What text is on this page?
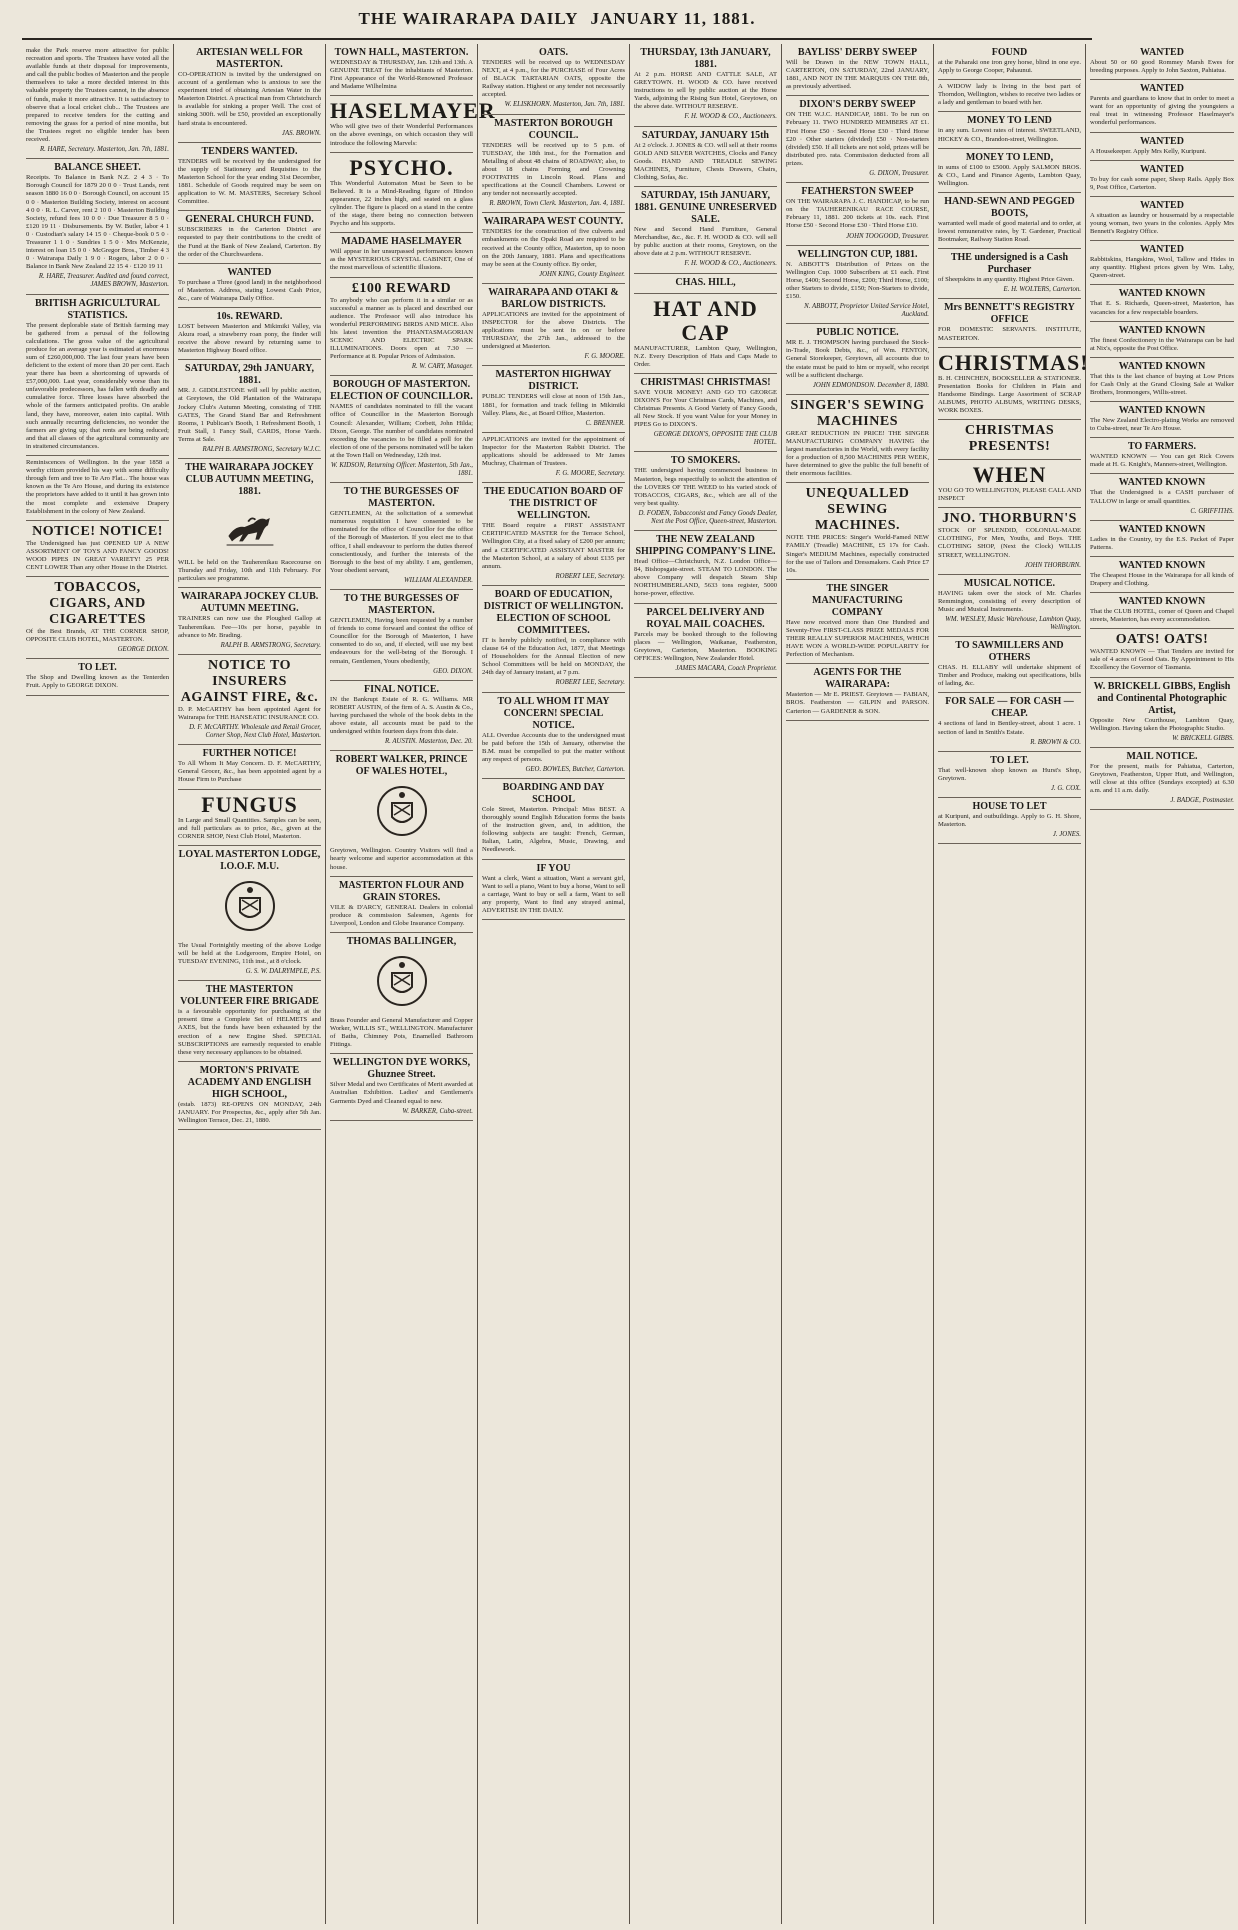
THE WAIRARAPA DAILY JANUARY 11, 1881.
make the Park reserve more attractive for public recreation and sports. The Trustees have voted all the available funds at their disposal for improvements, and call the public bodies of Masterton and the people themselves to take a more decided interest in this valuable property the Trustees cannot, in the absence of funds, make it more attractive. It is satisfactory to observe that a local cricket club... The Trustees are prepared to receive tenders for the cutting and removing the grass for a period of nine months, but the Trustees regret no eligible tender has been received.
R. HARE, Secretary. Masterton, Jan. 7th, 1881.
BALANCE SHEET.
Receipts. To Balance in Bank N.Z. 2 4 3 · To Borough Council for 1879 20 0 0 · Trust Lands, rent season 1880 16 0 0 · Borough Council, on account 15 0 0 · Masterton Building Society, interest on account 4 0 0 · R. L. Carver, rent 2 10 0 · Masterton Building Society, refund fees 10 0 0 · Due Treasurer 8 5 0 · £120 19 11 · Disbursements. By W. Butler, labor 4 1 0 · Custodian's salary 14 15 0 · Cheque-book 0 5 0 · Treasurer 1 1 0 · Sundries 1 5 0 · Mrs McKenzie, interest on loan 15 0 0 · McGregor Bros., Timber 4 3 0 · Wairarapa Daily 1 9 0 · Rogers, labor 2 0 0 · Balance in Bank New Zealand 22 15 4 · £120 19 11
R. HARE, Treasurer. Audited and found correct, JAMES BROWN, Masterton.
BRITISH AGRICULTURAL STATISTICS.
The present deplorable state of British farming may be gathered from a perusal of the following calculations. The gross value of the agricultural produce for an average year is estimated at enormous sum of £260,000,000. The last four years have been deficient to the extent of more than 20 per cent. Each year there has been a shortcoming of upwards of £57,000,000. Last year, considerably worse than its unfavorable predecessors, has fallen with deadly and cumulative force. Three losses have absorbed the whole of the farmers anticipated profits. On arable land, they have, moreover, eaten into capital. With such annually recurring deficiencies, no wonder the farmers are giving up; that rents are being reduced; and that all classes of the agricultural community are in straitened circumstances.
Reminiscences of Wellington. In the year 1858 a worthy citizen provided his way with some difficulty through fern and tree to Te Aro Flat... The house was known as the Te Aro House, and during its existence the proprietors have added to it until it has grown into the most complete and extensive Drapery Establishment in the colony of New Zealand.
NOTICE! NOTICE!
The Undersigned has just OPENED UP A NEW ASSORTMENT OF TOYS AND FANCY GOODS! WOOD PIPES IN GREAT VARIETY! 25 PER CENT LOWER Than any other House in the District.
TOBACCOS, CIGARS, AND CIGARETTES
Of the Best Brands, AT THE CORNER SHOP, OPPOSITE CLUB HOTEL, MASTERTON.
GEORGE DIXON.
TO LET.
The Shop and Dwelling known as the Tenterden Fruit. Apply to GEORGE DIXON.
ARTESIAN WELL FOR MASTERTON.
CO-OPERATION is invited by the undersigned on account of a gentleman who is anxious to see the experiment tried of obtaining Artesian Water in the Masterton District. A practical man from Christchurch is available for sinking a proper Well. The cost of sinking 300ft. will be £50, provided an exceptionally hard strata is encountered.
JAS. BROWN.
TENDERS WANTED.
TENDERS will be received by the undersigned for the supply of Stationery and Requisites to the Masterton School for the year ending 31st December, 1881. Schedule of Goods required may be seen on application to W. M. MASTERS, Secretary School Committee.
GENERAL CHURCH FUND.
SUBSCRIBERS in the Carterton District are requested to pay their contributions to the credit of the Fund at the Bank of New Zealand, Carterton. By the order of the Churchwardens.
WANTED
To purchase a Three (good land) in the neighborhood of Masterton. Address, stating Lowest Cash Price, &c., care of Wairarapa Daily Office.
10s. REWARD.
LOST between Masterton and Mikimiki Valley, via Akura road, a strawberry roan pony, the finder will receive the above reward by returning same to Masterton Highway Board office.
SATURDAY, 29th JANUARY, 1881.
MR. J. GIDDLESTONE will sell by public auction, at Greytown, the Old Plantation of the Wairarapa Jockey Club's Autumn Meeting, consisting of THE GATES, The Grand Stand Bar and Refreshment Rooms, 1 Publican's Booth, 1 Refreshment Booth, 1 Fruit Stall, 1 Fancy Stall, CARDS, Horse Yards. Terms at Sale.
RALPH B. ARMSTRONG, Secretary W.J.C.
THE WAIRARAPA JOCKEY CLUB AUTUMN MEETING, 1881.
WILL be held on the Tauherenikau Racecourse on Thursday and Friday, 10th and 11th February. For particulars see programme.
WAIRARAPA JOCKEY CLUB. AUTUMN MEETING.
TRAINERS can now use the Ploughed Gallop at Tauherenikau. Fee—10s per horse, payable in advance to Mr. Brading.
RALPH B. ARMSTRONG, Secretary.
NOTICE TO INSURERS AGAINST FIRE, &c.
D. P. McCARTHY has been appointed Agent for Wairarapa for THE HANSEATIC INSURANCE CO.
D. F. McCARTHY. Wholesale and Retail Grocer, Corner Shop, Next Club Hotel, Masterton.
FURTHER NOTICE!
To All Whom It May Concern. D. F. McCARTHY, General Grocer, &c., has been appointed agent by a House Firm to Purchase
FUNGUS
In Large and Small Quantities. Samples can be seen, and full particulars as to price, &c., given at the CORNER SHOP, Next Club Hotel, Masterton.
LOYAL MASTERTON LODGE, I.O.O.F. M.U.
The Usual Fortnightly meeting of the above Lodge will be held at the Lodgeroom, Empire Hotel, on TUESDAY EVENING, 11th inst., at 8 o'clock.
G. S. W. DALRYMPLE, P.S.
THE MASTERTON VOLUNTEER FIRE BRIGADE
is a favourable opportunity for purchasing at the present time a Complete Set of HELMETS and AXES, but the funds have been exhausted by the erection of a new Engine Shed. SPECIAL SUBSCRIPTIONS are earnestly requested to enable these very necessary appliances to be obtained.
MORTON'S PRIVATE ACADEMY AND ENGLISH HIGH SCHOOL,
(estab. 1873) RE-OPENS ON MONDAY, 24th JANUARY. For Prospectus, &c., apply after 5th Jan. Wellington Terrace, Dec. 21, 1880.
TOWN HALL, MASTERTON.
WEDNESDAY & THURSDAY, Jan. 12th and 13th. A GENUINE TREAT for the inhabitants of Masterton. First Appearance of the World-Renowned Professor and Madame Wilhelmina
HASELMAYER
Who will give two of their Wonderful Performances on the above evenings, on which occasion they will introduce the following Marvels:
PSYCHO.
This Wonderful Automaton Must be Seen to be Believed. It is a Mind-Reading figure of Hindoo appearance, 22 inches high, and seated on a glass cylinder. The figure is placed on a stand in the centre of the stage, there being no connection between Psycho and his supports.
MADAME HASELMAYER
Will appear in her unsurpassed performances known as the MYSTERIOUS CRYSTAL CABINET, One of the most marvellous of scientific illusions.
£100 REWARD
To anybody who can perform it in a similar or as successful a manner as is placed and described our audience. The Professor will also introduce his wonderful PERFORMING BIRDS AND MICE. Also his latest invention the PHANTASMAGORIAN SCENIC AND ELECTRIC SPARK ILLUMINATIONS. Doors open at 7.30 — Performance at 8. Popular Prices of Admission.
R. W. CARY, Manager.
BOROUGH OF MASTERTON. ELECTION OF COUNCILLOR.
NAMES of candidates nominated to fill the vacant office of Councillor in the Masterton Borough Council: Alexander, William; Corbett, John Hilda; Dixon, George. The number of candidates nominated exceeding the vacancies to be filled a poll for the election of one of the persons nominated will be taken at the Town Hall on Wednesday, 12th inst.
W. KIDSON, Returning Officer. Masterton, 5th Jan., 1881.
TO THE BURGESSES OF MASTERTON.
GENTLEMEN, At the solicitation of a somewhat numerous requisition I have consented to be nominated for the office of Councillor for the office of the Borough of Masterton. If you elect me to that office, I shall endeavour to perform the duties thereof conscientiously, and further the interests of the Borough to the best of my ability. I am, gentlemen, Your obedient servant,
WILLIAM ALEXANDER.
TO THE BURGESSES OF MASTERTON.
GENTLEMEN, Having been requested by a number of friends to come forward and contest the office of Councillor for the Borough of Masterton, I have consented to do so, and, if elected, will use my best endeavours for the well-being of the Borough. I remain, Gentlemen, Yours obediently,
GEO. DIXON.
FINAL NOTICE.
IN the Bankrupt Estate of R. G. Williams. MR ROBERT AUSTIN, of the firm of A. S. Austin & Co., having purchased the whole of the book debts in the above estate, all accounts must be paid to the undersigned within fourteen days from this date.
R. AUSTIN. Masterton, Dec. 20.
ROBERT WALKER, PRINCE OF WALES HOTEL,
Greytown, Wellington. Country Visitors will find a hearty welcome and superior accommodation at this house.
MASTERTON FLOUR AND GRAIN STORES.
VILE & D'ARCY, GENERAL Dealers in colonial produce & commission Salesmen, Agents for Liverpool, London and Globe Insurance Company.
THOMAS BALLINGER,
Brass Founder and General Manufacturer and Copper Worker, WILLIS ST., WELLINGTON. Manufacturer of Baths, Chimney Pots, Enamelled Bathroom Fittings.
WELLINGTON DYE WORKS, Ghuznee Street.
Silver Medal and two Certificates of Merit awarded at Australian Exhibition. Ladies' and Gentlemen's Garments Dyed and Cleaned equal to new.
W. BARKER, Cuba-street.
OATS.
TENDERS will be received up to WEDNESDAY NEXT, at 4 p.m., for the PURCHASE of Four Acres of BLACK TARTARIAN OATS, opposite the Railway station. Highest or any tender not necessarily accepted.
W. ELISKHORN. Masterton, Jan. 7th, 1881.
MASTERTON BOROUGH COUNCIL.
TENDERS will be received up to 5 p.m. of TUESDAY, the 18th inst., for the Formation and Metalling of about 48 chains of ROADWAY; also, to about 18 chains Forming and Crowning FOOTPATHS in Lincoln Road. Plans and specifications at the Council Chambers. Lowest or any tender not necessarily accepted.
R. BROWN, Town Clerk. Masterton, Jan. 4, 1881.
WAIRARAPA WEST COUNTY.
TENDERS for the construction of five culverts and embankments on the Opaki Road are required to be received at the County office, Masterton, up to noon on the 20th January, 1881. Plans and specifications may be seen at the County office. By order,
JOHN KING, County Engineer.
WAIRARAPA AND OTAKI & BARLOW DISTRICTS.
APPLICATIONS are invited for the appointment of INSPECTOR for the above Districts. The applications must be sent in on or before THURSDAY, the 27th Jan., addressed to the undersigned at Masterton.
F. G. MOORE.
MASTERTON HIGHWAY DISTRICT.
PUBLIC TENDERS will close at noon of 15th Jan., 1881, for formation and track felling in Mikimiki Valley. Plans, &c., at Board Office, Masterton.
C. BRENNER.
APPLICATIONS are invited for the appointment of Inspector for the Masterton Rabbit District. The applications should be addressed to Mr James Muchray, Chairman of Trustees.
F. G. MOORE, Secretary.
THE EDUCATION BOARD OF THE DISTRICT OF WELLINGTON.
THE Board require a FIRST ASSISTANT CERTIFICATED MASTER for the Terrace School, Wellington City, at a fixed salary of £200 per annum; and a CERTIFICATED ASSISTANT MASTER for the Masterton School, at a salary of about £135 per annum.
ROBERT LEE, Secretary.
BOARD OF EDUCATION, DISTRICT OF WELLINGTON. ELECTION OF SCHOOL COMMITTEES.
IT is hereby publicly notified, in compliance with clause 64 of the Education Act, 1877, that Meetings of Householders for the Annual Election of new School Committees will be held on MONDAY, the 24th day of January instant, at 7 p.m.
ROBERT LEE, Secretary.
TO ALL WHOM IT MAY CONCERN! SPECIAL NOTICE.
ALL Overdue Accounts due to the undersigned must be paid before the 15th of January, otherwise the B.M. must be compelled to put the matter without any respect of persons.
GEO. BOWLES, Butcher, Carterton.
BOARDING AND DAY SCHOOL
Cole Street, Masterton. Principal: Miss BEST. A thoroughly sound English Education forms the basis of the instruction given, and, in addition, the following subjects are taught: French, German, Italian, Latin, Algebra, Music, Drawing, and Needlework.
IF YOU
Want a clerk, Want a situation, Want a servant girl, Want to sell a piano, Want to buy a horse, Want to sell a carriage, Want to buy or sell a farm, Want to sell any property, Want to find any strayed animal, ADVERTISE IN THE DAILY.
THURSDAY, 13th JANUARY, 1881.
At 2 p.m. HORSE AND CATTLE SALE, AT GREYTOWN. H. WOOD & CO. have received instructions to sell by public auction at the Horse Yards, adjoining the Rising Sun Hotel, Greytown, on the above date. WITHOUT RESERVE.
F. H. WOOD & CO., Auctioneers.
SATURDAY, JANUARY 15th
At 2 o'clock. J. JONES & CO. will sell at their rooms GOLD AND SILVER WATCHES, Clocks and Fancy Goods. HAND AND TREADLE SEWING MACHINES, Furniture, Chests Drawers, Chairs, Clothing, Sofas, &c.
SATURDAY, 15th JANUARY, 1881. GENUINE UNRESERVED SALE.
New and Second Hand Furniture, General Merchandise, &c., &c. F. H. WOOD & CO. will sell by public auction at their rooms, Greytown, on the above date at 2 p.m. WITHOUT RESERVE.
F. H. WOOD & CO., Auctioneers.
CHAS. HILL,
HAT AND CAP
MANUFACTURER, Lambton Quay, Wellington, N.Z. Every Description of Hats and Caps Made to Order.
CHRISTMAS! CHRISTMAS!
SAVE YOUR MONEY! AND GO TO GEORGE DIXON'S For Your Christmas Cards, Machines, and Christmas Presents. A Good Variety of Fancy Goods, all New Stock. If you want Value for your Money in PIPES Go to DIXON'S.
GEORGE DIXON'S, OPPOSITE THE CLUB HOTEL.
TO SMOKERS.
THE undersigned having commenced business in Masterton, begs respectfully to solicit the attention of the LOVERS OF THE WEED to his varied stock of TOBACCOS, CIGARS, &c., which are all of the very best quality.
D. FODEN, Tobacconist and Fancy Goods Dealer, Next the Post Office, Queen-street, Masterton.
THE NEW ZEALAND SHIPPING COMPANY'S LINE.
Head Office—Christchurch, N.Z. London Office—84, Bishopsgate-street. STEAM TO LONDON. The above Company will despatch Steam Ship NORTHUMBERLAND, 5633 tons register, 5000 horse-power, effective.
PARCEL DELIVERY AND ROYAL MAIL COACHES.
Parcels may be booked through to the following places — Wellington, Waikanae, Featherston, Greytown, Carterton, Masterton. BOOKING OFFICES: Wellington, New Zealander Hotel.
JAMES MACARA, Coach Proprietor.
BAYLISS' DERBY SWEEP
Will be Drawn in the NEW TOWN HALL, CARTERTON, ON SATURDAY, 22nd JANUARY, 1881, AND NOT IN THE MARQUIS ON THE 8th, as previously advertised.
DIXON'S DERBY SWEEP
ON THE W.J.C. HANDICAP, 1881. To be run on February 11. TWO HUNDRED MEMBERS AT £1. First Horse £50 · Second Horse £30 · Third Horse £20 · Other starters (divided) £50 · Non-starters (divided) £50. If all tickets are not sold, prizes will be distributed pro. rata. Commission deducted from all prizes.
G. DIXON, Treasurer.
FEATHERSTON SWEEP
ON THE WAIRARAPA J. C. HANDICAP, to be run on the TAUHERENIKAU RACE COURSE, February 11, 1881. 200 tickets at 10s. each. First Horse £50 · Second Horse £30 · Third Horse £10.
JOHN TOOGOOD, Treasurer.
WELLINGTON CUP, 1881.
N. ABBOTT'S Distribution of Prizes on the Wellington Cup. 1000 Subscribers at £1 each. First Horse, £400; Second Horse, £200; Third Horse, £100; other Starters to divide, £150; Non-Starters to divide, £150.
N. ABBOTT, Proprietor United Service Hotel, Auckland.
PUBLIC NOTICE.
MR E. J. THOMPSON having purchased the Stock-in-Trade, Book Debts, &c., of Wm. FENTON, General Storekeeper, Greytown, all accounts due to the estate must be paid to him or myself, who receipt will be a sufficient discharge.
JOHN EDMONDSON. December 8, 1880.
SINGER'S SEWING MACHINES
GREAT REDUCTION IN PRICE! THE SINGER MANUFACTURING COMPANY HAVING the largest manufactories in the World, with every facility for a production of 8,500 MACHINES PER WEEK, have determined to give the public the full benefit of their enormous facilities.
UNEQUALLED SEWING MACHINES.
NOTE THE PRICES: Singer's World-Famed NEW FAMILY (Treadle) MACHINE, £5 17s for Cash. Singer's MEDIUM Machines, especially constructed for the use of Tailors and Dressmakers. Cash Price £7 10s.
THE SINGER MANUFACTURING COMPANY
Have now received more than One Hundred and Seventy-Five FIRST-CLASS PRIZE MEDALS FOR THEIR REALLY SUPERIOR MACHINES, WHICH HAVE WON A WORLD-WIDE POPULARITY for Perfection of Mechanism.
AGENTS FOR THE WAIRARAPA:
Masterton — Mr E. PRIEST. Greytown — FABIAN, BROS. Featherston — GILPIN and PARSON. Carterton — GARDENER & SON.
FOUND
at the Paharaki one iron grey horse, blind in one eye. Apply to George Cooper, Pahaunui.
A WIDOW lady is living in the best part of Thorndon, Wellington, wishes to receive two ladies or a lady and gentleman to board with her.
MONEY TO LEND
in any sum. Lowest rates of interest. SWEETLAND, HICKEY & CO., Brandon-street, Wellington.
MONEY TO LEND,
in sums of £100 to £5000. Apply SALMON BROS. & CO., Land and Finance Agents, Lambton Quay, Wellington.
HAND-SEWN AND PEGGED BOOTS,
warranted well made of good material and to order, at lowest remunerative rates, by T. Gardener, Practical Bootmaker, Railway Station Road.
THE undersigned is a Cash Purchaser
of Sheepskins in any quantity. Highest Price Given.
E. H. WOLTERS, Carterton.
Mrs BENNETT'S REGISTRY OFFICE
FOR DOMESTIC SERVANTS. INSTITUTE, MASTERTON.
CHRISTMAS!
B. H. CHINCHEN, BOOKSELLER & STATIONER. Presentation Books for Children in Plain and Handsome Bindings. Large Assortment of SCRAP ALBUMS, PHOTO ALBUMS, WRITING DESKS, WORK BOXES.
CHRISTMAS PRESENTS!
WHEN
YOU GO TO WELLINGTON, PLEASE CALL AND INSPECT
JNO. THORBURN'S
STOCK OF SPLENDID, COLONIAL-MADE CLOTHING, For Men, Youths, and Boys. THE CLOTHING SHOP, (Next the Clock) WILLIS STREET, WELLINGTON.
JOHN THORBURN.
MUSICAL NOTICE.
HAVING taken over the stock of Mr. Charles Remmington, consisting of every description of Music and Musical Instruments.
WM. WESLEY, Music Warehouse, Lambton Quay, Wellington.
TO SAWMILLERS AND OTHERS
CHAS. H. ELLABY will undertake shipment of Timber and Produce, making out specifications, bills of lading, &c.
FOR SALE — FOR CASH — CHEAP.
4 sections of land in Bentley-street, about 1 acre. 1 section of land in Smith's Estate.
R. BROWN & CO.
TO LET.
That well-known shop known as Hurst's Shop, Greytown.
J. G. COX.
HOUSE TO LET
at Kuripuni, and outbuildings. Apply to G. H. Shore, Masterton.
J. JONES.
WANTED
About 50 or 60 good Rommey Marsh Ewes for breeding purposes. Apply to John Saxton, Pahiatua.
WANTED
Parents and guardians to know that in order to meet a want for an opportunity of giving the youngsters a real treat in witnessing Professor Haselmayer's wonderful performances.
WANTED
A Housekeeper. Apply Mrs Kelly, Kuripuni.
WANTED
To buy for cash some paper, Sheep Rails. Apply Box 9, Post Office, Carterton.
WANTED
A situation as laundry or housemaid by a respectable young woman, two years in the colonies. Apply Mrs Bennett's Registry Office.
WANTED
Rabbitskins, Hangskins, Wool, Tallow and Hides in any quantity. Highest prices given by Wm. Lahy, Queen-street.
WANTED KNOWN
That E. S. Richards, Queen-street, Masterton, has vacancies for a few respectable boarders.
WANTED KNOWN
The finest Confectionery in the Wairarapa can be had at Nix's, opposite the Post Office.
WANTED KNOWN
That this is the last chance of buying at Low Prices for Cash Only at the Grand Closing Sale at Walker Brothers, Ironmongers, Willis-street.
WANTED KNOWN
The New Zealand Electro-plating Works are removed to Cuba-street, near Te Aro House.
TO FARMERS.
WANTED KNOWN — You can get Rick Covers made at H. G. Knight's, Manners-street, Wellington.
WANTED KNOWN
That the Undersigned is a CASH purchaser of TALLOW in large or small quantities.
C. GRIFFITHS.
WANTED KNOWN
Ladies in the Country, try the E.S. Packet of Paper Patterns.
WANTED KNOWN
The Cheapest House in the Wairarapa for all kinds of Drapery and Clothing.
WANTED KNOWN
That the CLUB HOTEL, corner of Queen and Chapel streets, Masterton, has every accommodation.
OATS! OATS!
WANTED KNOWN — That Tenders are invited for sale of 4 acres of Good Oats. By Appointment to His Excellency the Governor of Tasmania.
W. BRICKELL GIBBS, English and Continental Photographic Artist,
Opposite New Courthouse, Lambton Quay, Wellington. Having taken the Photographic Studio.
W. BRICKELL GIBBS.
MAIL NOTICE.
For the present, mails for Pahiatua, Carterton, Greytown, Featherston, Upper Hutt, and Wellington, will close at this office (Sundays excepted) at 6.30 a.m. and 11 a.m. daily.
J. BADGE, Postmaster.
